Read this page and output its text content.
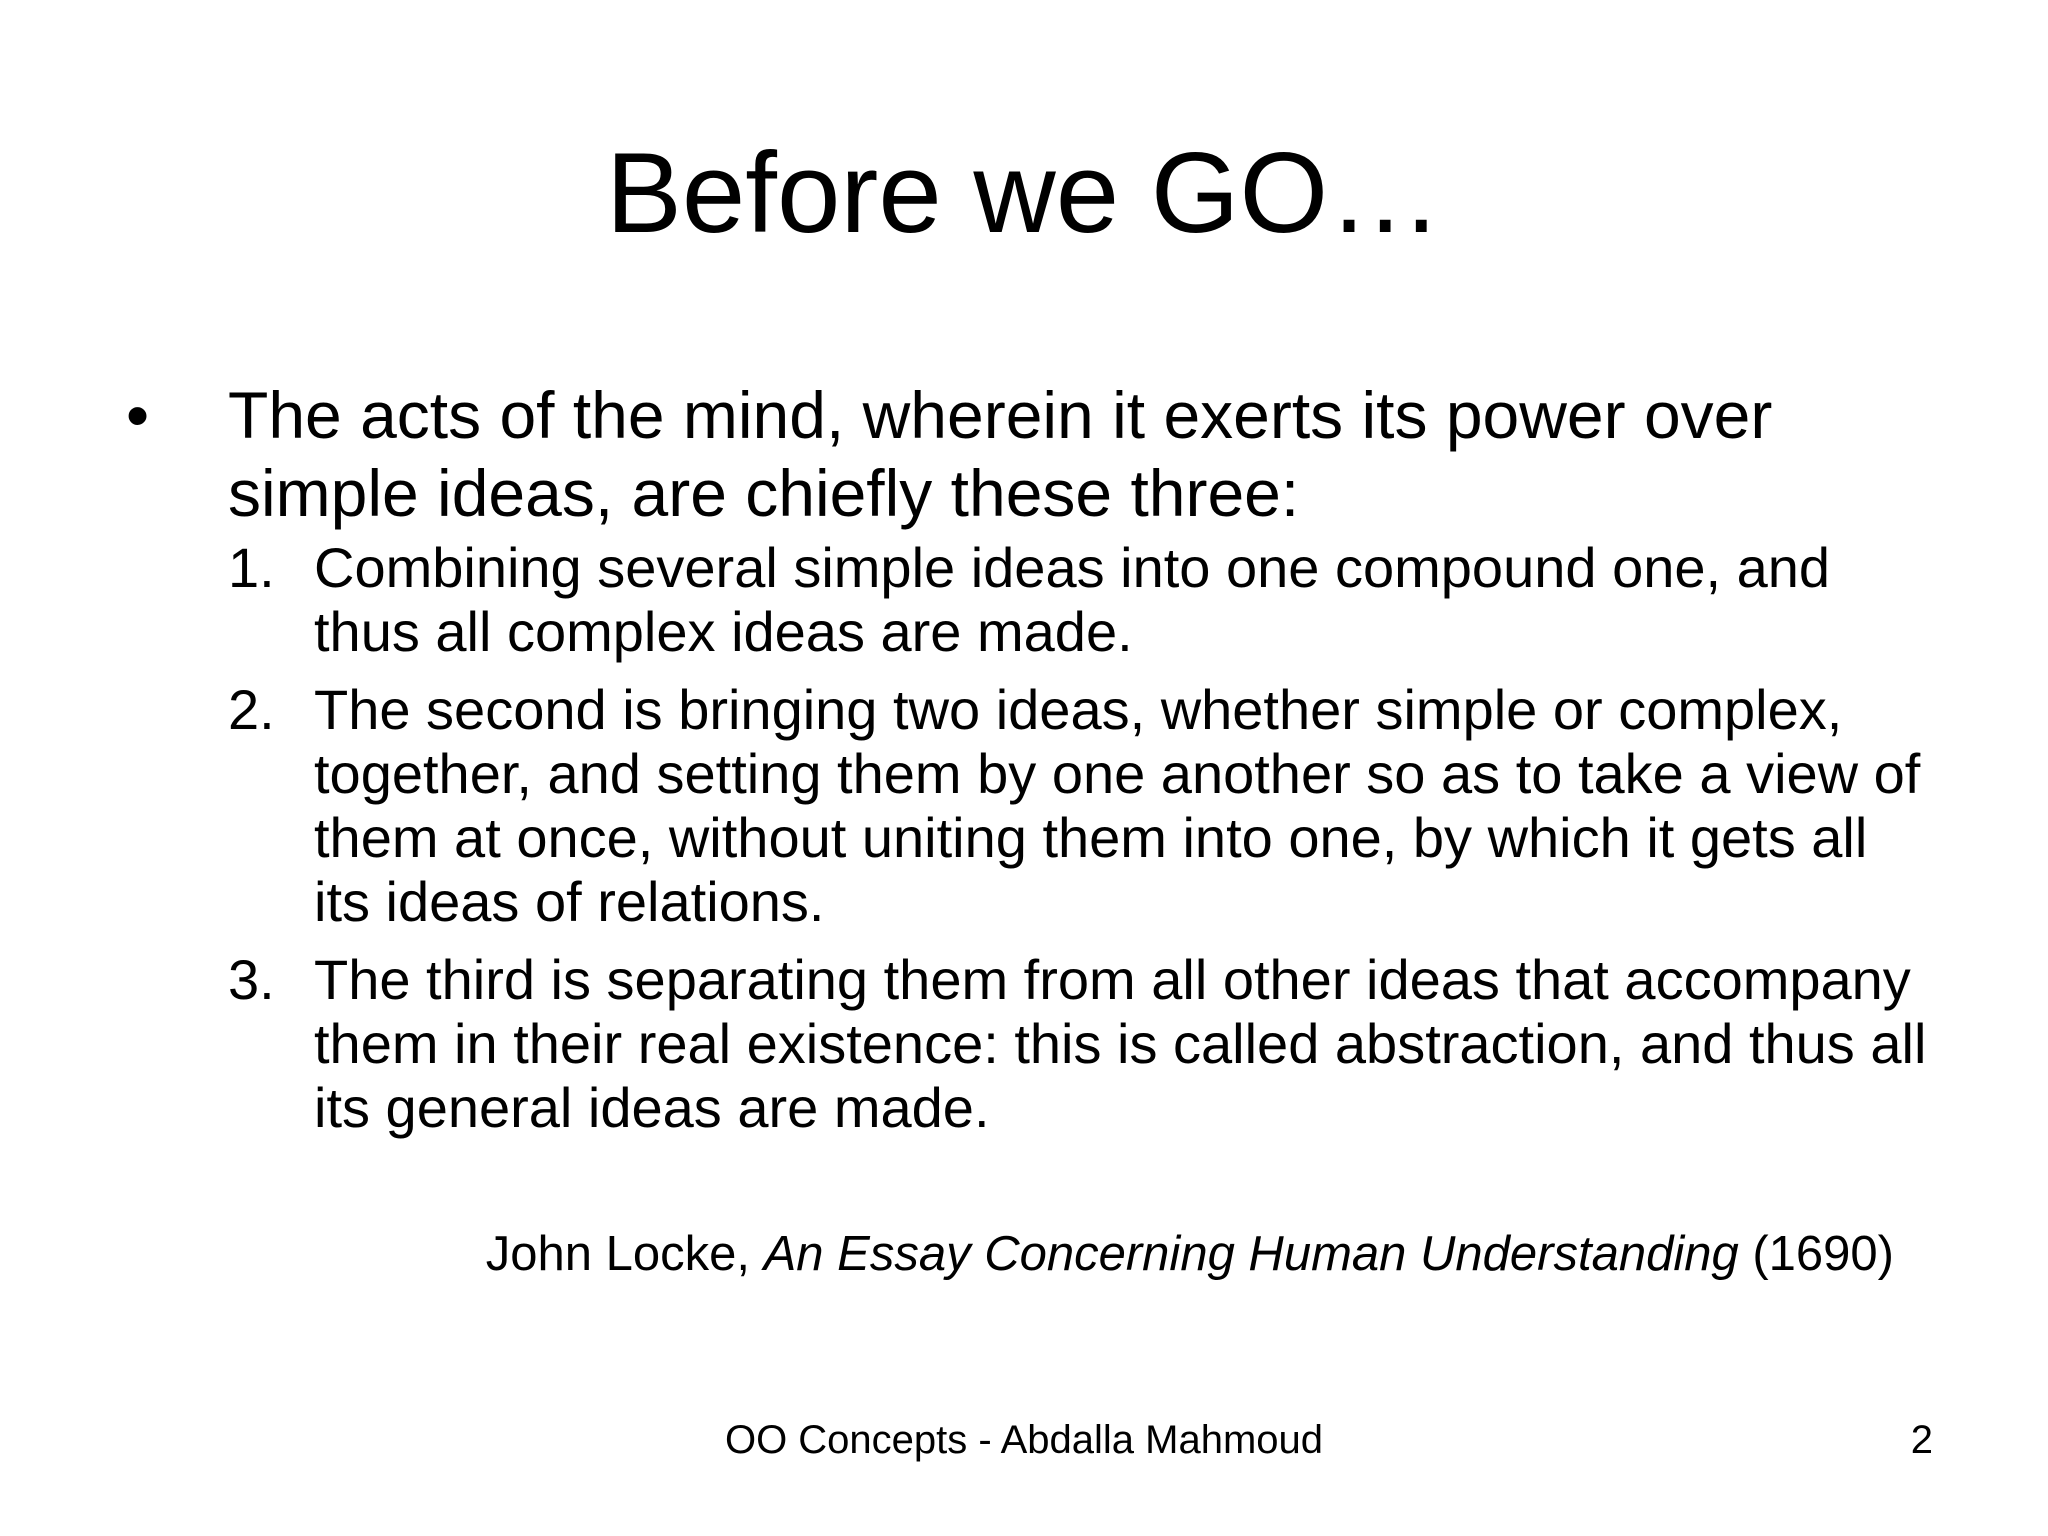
Before we GO…
• The acts of the mind, wherein it exerts its power over simple ideas, are chiefly these three:
1. Combining several simple ideas into one compound one, and thus all complex ideas are made.
2. The second is bringing two ideas, whether simple or complex, together, and setting them by one another so as to take a view of them at once, without uniting them into one, by which it gets all its ideas of relations.
3. The third is separating them from all other ideas that accompany them in their real existence: this is called abstraction, and thus all its general ideas are made.
John Locke, An Essay Concerning Human Understanding (1690)
OO Concepts - Abdalla Mahmoud	2
